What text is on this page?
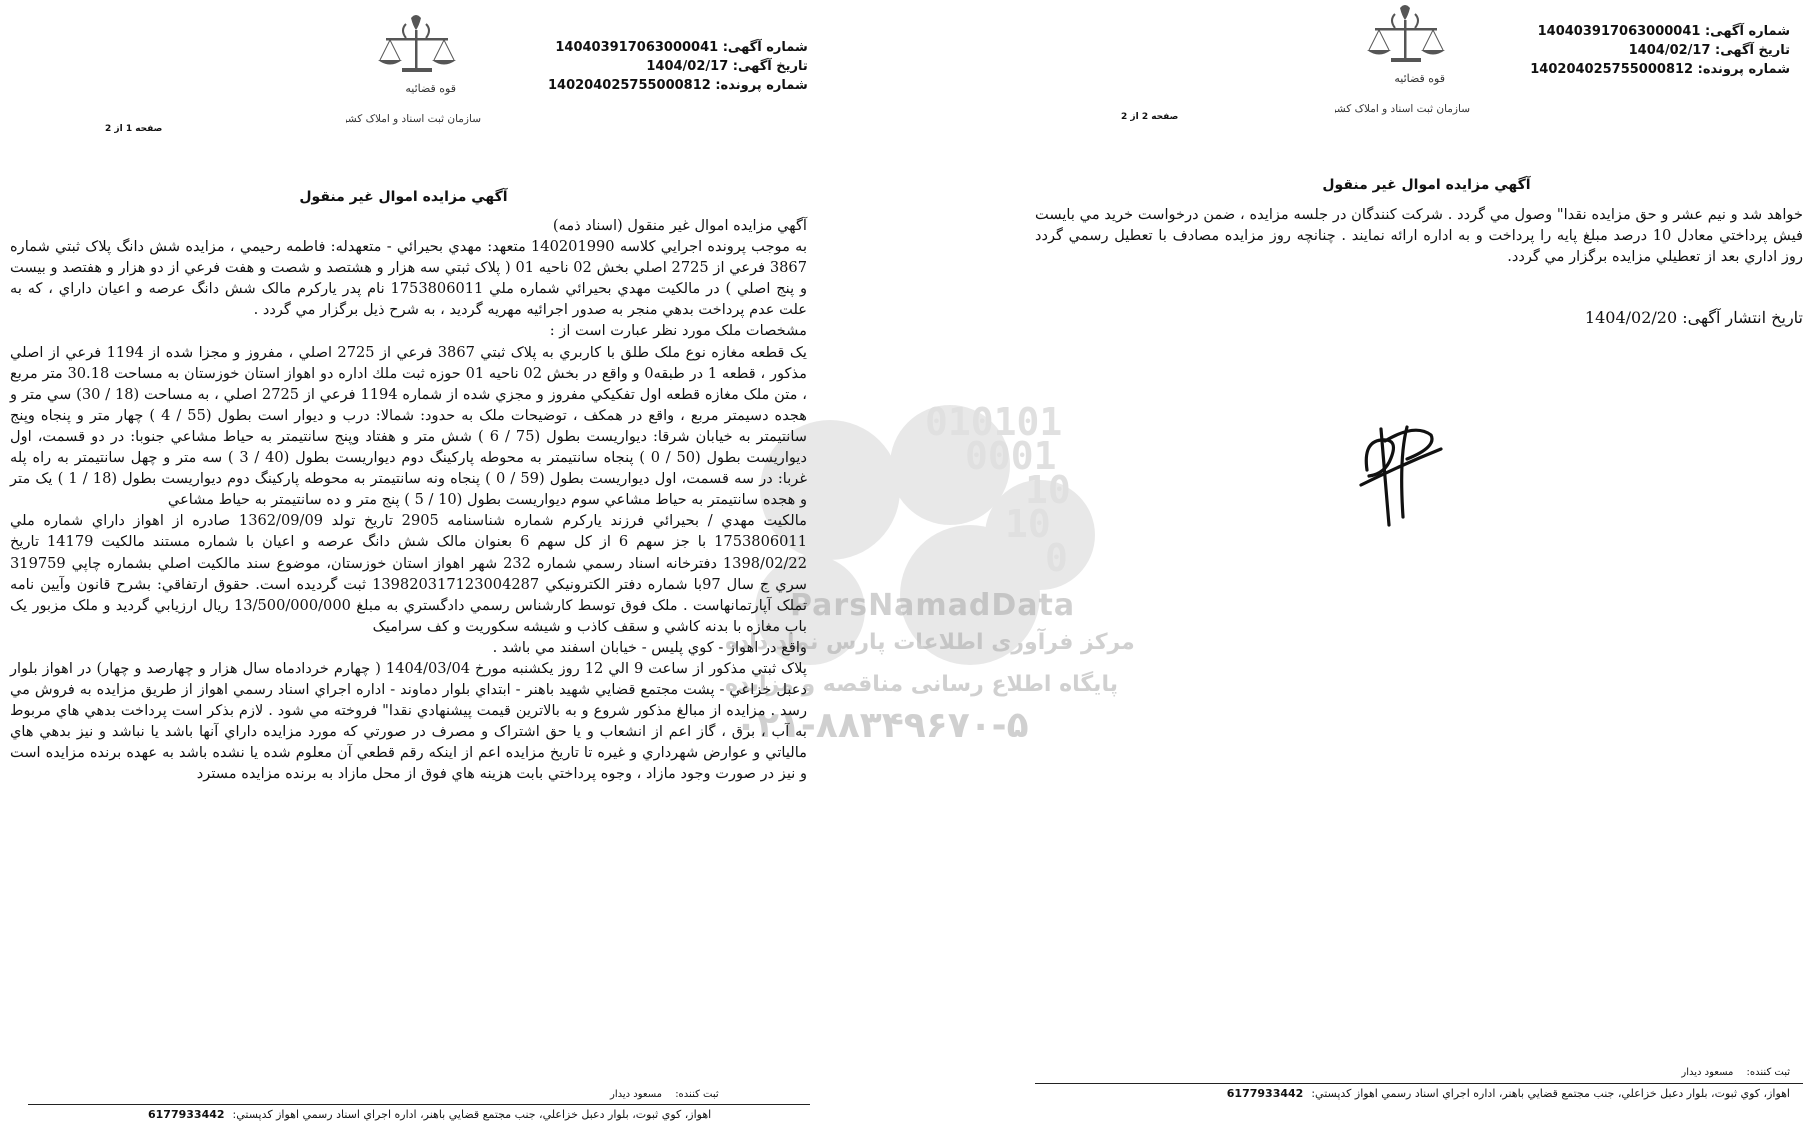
شماره آگهی: 140403917063000041
تاریخ آگهی: 1404/02/17
شماره پرونده: 140204025755000812
قوه قضائیه
سازمان ثبت اسناد و املاک کشور
صفحه 2 از 2
آگهي مزايده اموال غير منقول

خواهد شد و نيم عشر و حق مزايده نقدا" وصول مي گردد . شرکت کنندگان در جلسه مزايده ، ضمن درخواست خريد مي بايست فيش پرداختي معادل 10 درصد مبلغ پايه را پرداخت و به اداره ارائه نمايند . چنانچه روز مزايده مصادف با تعطيل رسمي گردد روز اداري بعد از تعطيلي مزايده برگزار مي گردد.

تاريخ انتشار آگهی: 1404/02/20
ثبت کننده: مسعود ديدار
اهواز، کوي ثبوت، بلوار دعبل خزاعلي، جنب مجتمع قضايي باهنر، اداره اجراي اسناد رسمي اهواز کدپستي:6177933442
010101
0001
10
10
0
ParsNamadData
مرکز فرآوری اطلاعات پارس نماد داده
پایگاه اطلاع رسانی مناقصه و مزایده
۰۲۱-۸۸۳۴۹۶۷۰-۵
شماره آگهی: 140403917063000041
تاریخ آگهی: 1404/02/17
شماره پرونده: 140204025755000812
قوه قضائیه
سازمان ثبت اسناد و املاک کشور
صفحه 1 از 2
آگهي مزايده اموال غير منقول

آگهي مزايده اموال غير منقول (اسناد ذمه)

به موجب پرونده اجرايي کلاسه 140201990 متعهد: مهدي بحيرائي - متعهدله: فاطمه رحيمي ، مزايده شش دانگ پلاک ثبتي شماره 3867 فرعي از 2725 اصلي بخش 02 ناحيه 01 ( پلاک ثبتي سه هزار و هشتصد و شصت و هفت فرعي از دو هزار و هفتصد و بيست و پنج اصلي ) در مالکيت مهدي بحيرائي شماره ملي 1753806011 نام پدر يارکرم مالک شش دانگ عرصه و اعيان داراي ، که به علت عدم پرداخت بدهي منجر به صدور اجرائيه مهريه گرديد ، به شرح ذيل برگزار مي گردد .

مشخصات ملک مورد نظر عبارت است از :

يک قطعه مغازه نوع ملک طلق با کاربري به پلاک ثبتي 3867 فرعي از 2725 اصلي ، مفروز و مجزا شده از 1194 فرعي از اصلي مذکور ، قطعه 1 در طبقه0 و واقع در بخش 02 ناحيه 01 حوزه ثبت ملك اداره دو اهواز استان خوزستان به مساحت 30.18 متر مربع ، متن ملک مغازه قطعه اول تفکيکي مفروز و مجزي شده از شماره 1194 فرعي از 2725 اصلي ، به مساحت (18 / 30) سي متر و هجده دسيمتر مربع ، واقع در همکف ، توضيحات ملک به حدود: شمالا: درب و ديوار است بطول (55 / 4 ) چهار متر و پنجاه وپنج سانتيمتر به خيابان شرقا: ديواريست بطول (75 / 6 ) شش متر و هفتاد وپنج سانتيمتر به حياط مشاعي جنوبا: در دو قسمت، اول ديواريست بطول (50 / 0 ) پنجاه سانتيمتر به محوطه پارکينگ دوم ديواريست بطول (40 / 3 ) سه متر و چهل سانتيمتر به راه پله غربا: در سه قسمت، اول ديواريست بطول (59 / 0 ) پنجاه ونه سانتيمتر به محوطه پارکينگ دوم ديواريست بطول (18 / 1 ) يک متر و هجده سانتيمتر به حياط مشاعي سوم ديواريست بطول (10 / 5 ) پنج متر و ده سانتيمتر به حياط مشاعي

مالکيت مهدي / بحيرائي فرزند يارکرم شماره شناسنامه 2905 تاريخ تولد 1362/09/09 صادره از اهواز داراي شماره ملي 1753806011 با جز سهم 6 از کل سهم 6 بعنوان مالک شش دانگ عرصه و اعيان با شماره مستند مالکيت 14179 تاريخ 1398/02/22 دفترخانه اسناد رسمي شماره 232 شهر اهواز استان خوزستان، موضوع سند مالکيت اصلي بشماره چاپي 319759 سري ج سال 97با شماره دفتر الکترونيکي 139820317123004287 ثبت گرديده است. حقوق ارتفاقي: بشرح قانون وآيين نامه تملک آپارتمانهاست . ملک فوق توسط کارشناس رسمي دادگستري به مبلغ 13/500/000/000 ريال ارزيابي گرديد و ملک مزبور يک باب مغازه با بدنه کاشي و سقف کاذب و شيشه سکوريت و کف سراميک

واقع در اهواز - کوي پليس - خيابان اسفند مي باشد .

پلاک ثبتي مذکور از ساعت 9 الي 12 روز يکشنبه مورخ 1404/03/04 ( چهارم خردادماه سال هزار و چهارصد و چهار) در اهواز بلوار دعبل خزاعي - پشت مجتمع قضايي شهيد باهنر - ابتداي بلوار دماوند - اداره اجراي اسناد رسمي اهواز از طريق مزايده به فروش مي رسد . مزايده از مبالغ مذکور شروع و به بالاترين قيمت پيشنهادي نقدا" فروخته مي شود . لازم بذکر است پرداخت بدهي هاي مربوط به آب ، برق ، گاز اعم از انشعاب و يا حق اشتراک و مصرف در صورتي که مورد مزايده داراي آنها باشد يا نباشد و نيز بدهي هاي مالياتي و عوارض شهرداري و غيره تا تاريخ مزايده اعم از اينکه رقم قطعي آن معلوم شده يا نشده باشد به عهده برنده مزايده است و نيز در صورت وجود مازاد ، وجوه پرداختي بابت هزينه هاي فوق از محل مازاد به برنده مزايده مسترد

ثبت کننده: مسعود ديدار
اهواز، کوي ثبوت، بلوار دعبل خزاعلي، جنب مجتمع قضايي باهنر، اداره اجراي اسناد رسمي اهواز کدپستي:6177933442
